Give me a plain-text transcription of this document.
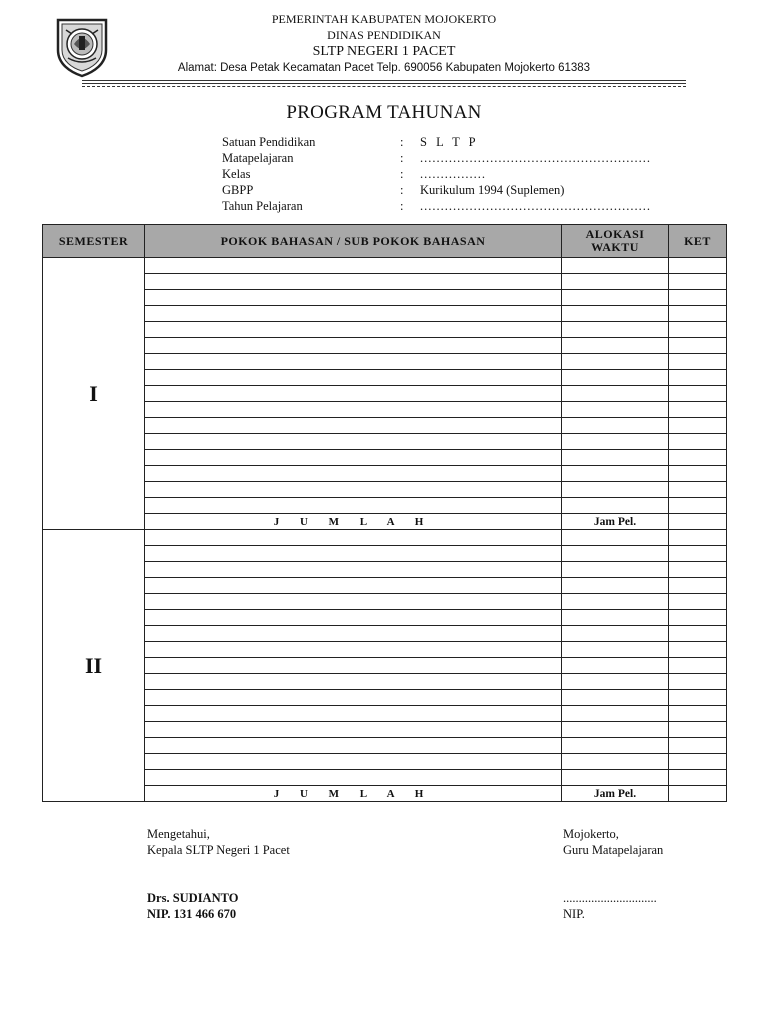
PEMERINTAH KABUPATEN MOJOKERTO
DINAS PENDIDIKAN
SLTP NEGERI 1 PACET
Alamat: Desa Petak Kecamatan Pacet Telp. 690056 Kabupaten Mojokerto 61383
PROGRAM TAHUNAN
Satuan Pendidikan	: S L T P
Matapelajaran	: ........................................................
Kelas	: ................
GBPP	: Kurikulum 1994 (Suplemen)
Tahun Pelajaran	: ........................................................
SEMESTER	POKOK BAHASAN / SUB POKOK BAHASAN	ALOKASI WAKTU	KET
I			

	J U M L A H	Jam Pel.	
II			

	J U M L A H	Jam Pel.	
Mengetahui,
Kepala SLTP Negeri 1 Pacet
Drs. SUDIANTO
NIP. 131 466 670
Mojokerto,
Guru Matapelajaran
..............................
NIP.
